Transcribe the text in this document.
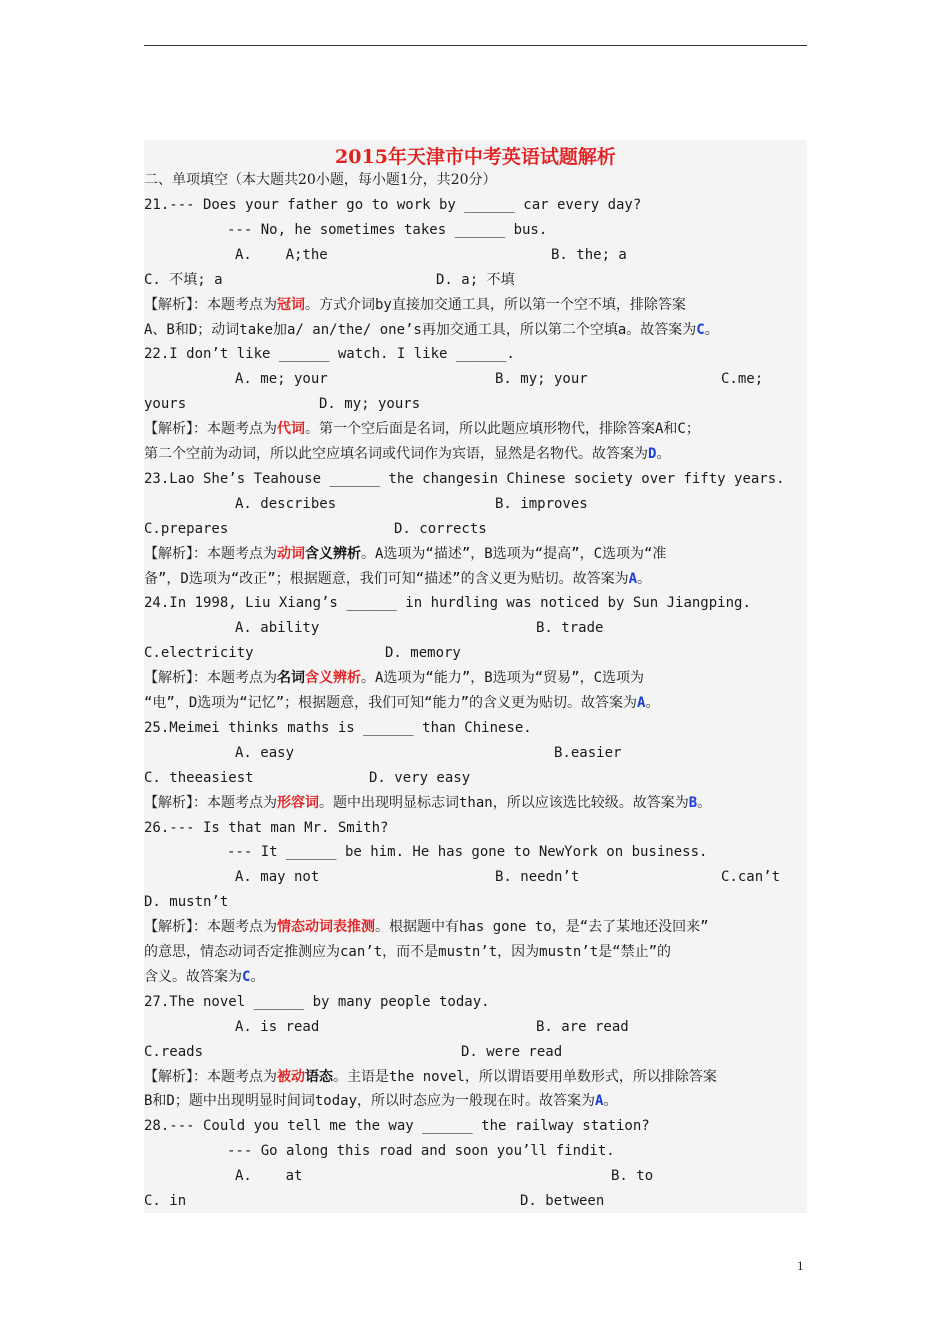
2015年天津市中考英语试题解析
二、单项填空（本大题共20小题，每小题1分，共20分）
21.--- Does your father go to work by ______ car every day?
--- No, he sometimes takes ______ bus.
A.    A;the	B. the; a
C. 不填; a	D. a; 不填
【解析】：本题考点为冠词。方式介词by直接加交通工具，所以第一个空不填，排除答案
A、B和D；动词take加a/ an/the/ one’s再加交通工具，所以第二个空填a。故答案为C。
22.I don’t like ______ watch. I like ______.
A. me; your	B. my; your	C.me;
yours	D. my; yours
【解析】：本题考点为代词。第一个空后面是名词，所以此题应填形物代，排除答案A和C；
第二个空前为动词，所以此空应填名词或代词作为宾语，显然是名物代。故答案为D。
23.Lao She’s Teahouse ______ the changesin Chinese society over fifty years.
A. describes	B. improves
C.prepares	D. corrects
【解析】：本题考点为动词含义辨析。A选项为“描述”，B选项为“提高”，C选项为“准
备”，D选项为“改正”；根据题意，我们可知“描述”的含义更为贴切。故答案为A。
24.In 1998, Liu Xiang’s ______ in hurdling was noticed by Sun Jiangping.
A. ability	B. trade
C.electricity	D. memory
【解析】：本题考点为名词含义辨析。A选项为“能力”，B选项为“贸易”，C选项为
“电”，D选项为“记忆”；根据题意，我们可知“能力”的含义更为贴切。故答案为A。
25.Meimei thinks maths is ______ than Chinese.
A. easy	B.easier
C. theeasiest	D. very easy
【解析】：本题考点为形容词。题中出现明显标志词than，所以应该选比较级。故答案为B。
26.--- Is that man Mr. Smith?
--- It ______ be him. He has gone to NewYork on business.
A. may not	B. needn’t	C.can’t
D. mustn’t
【解析】：本题考点为情态动词表推测。根据题中有has gone to，是“去了某地还没回来”
的意思，情态动词否定推测应为can’t，而不是mustn’t，因为mustn’t是“禁止”的
含义。故答案为C。
27.The novel ______ by many people today.
A. is read	B. are read
C.reads	D. were read
【解析】：本题考点为被动语态。主语是the novel，所以谓语要用单数形式，所以排除答案
B和D；题中出现明显时间词today，所以时态应为一般现在时。故答案为A。
28.--- Could you tell me the way ______ the railway station?
--- Go along this road and soon you’ll findit.
A.    at	B. to
C. in	D. between
1
